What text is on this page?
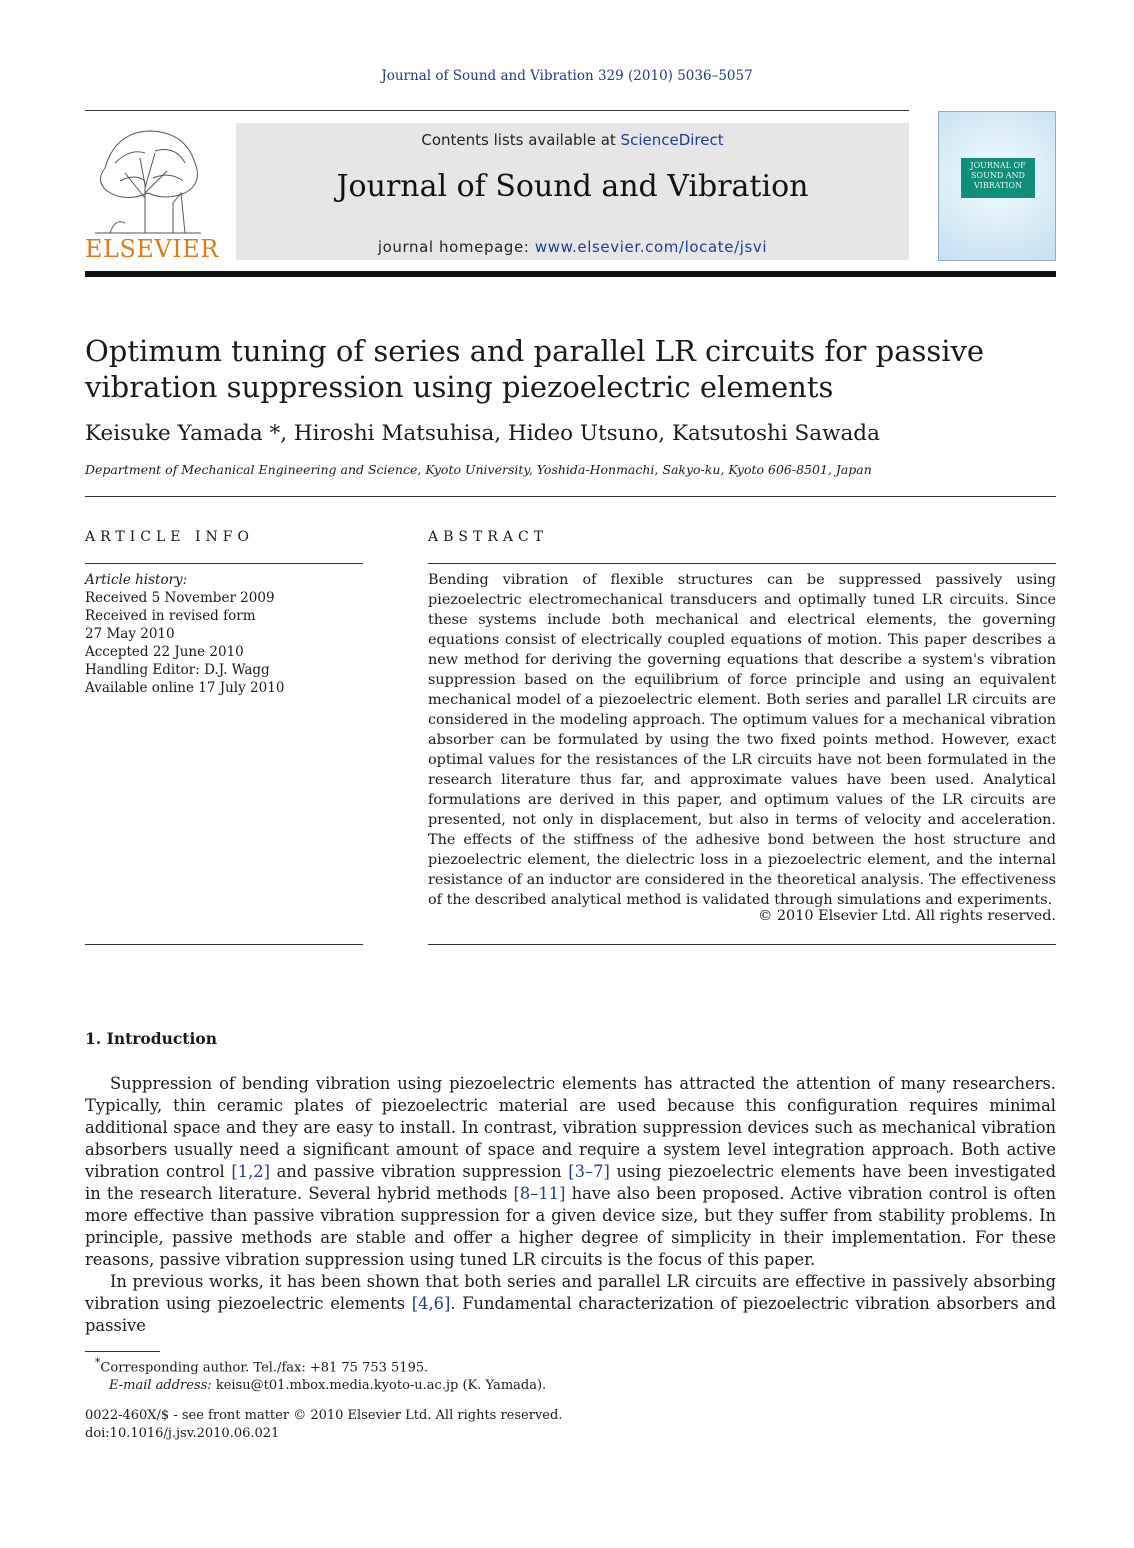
Journal of Sound and Vibration 329 (2010) 5036–5057
ELSEVIER
Contents lists available at ScienceDirect
Journal of Sound and Vibration
journal homepage: www.elsevier.com/locate/jsvi
JOURNAL OF SOUND AND VIBRATION
Optimum tuning of series and parallel LR circuits for passive vibration suppression using piezoelectric elements
Keisuke Yamada *, Hiroshi Matsuhisa, Hideo Utsuno, Katsutoshi Sawada
Department of Mechanical Engineering and Science, Kyoto University, Yoshida-Honmachi, Sakyo-ku, Kyoto 606-8501, Japan
ARTICLE INFO	ABSTRACT
Article history:
Received 5 November 2009
Received in revised form
27 May 2010
Accepted 22 June 2010
Handling Editor: D.J. Wagg
Available online 17 July 2010
Bending vibration of flexible structures can be suppressed passively using piezoelectric electromechanical transducers and optimally tuned LR circuits. Since these systems include both mechanical and electrical elements, the governing equations consist of electrically coupled equations of motion. This paper describes a new method for deriving the governing equations that describe a system's vibration suppression based on the equilibrium of force principle and using an equivalent mechanical model of a piezoelectric element. Both series and parallel LR circuits are considered in the modeling approach. The optimum values for a mechanical vibration absorber can be formulated by using the two fixed points method. However, exact optimal values for the resistances of the LR circuits have not been formulated in the research literature thus far, and approximate values have been used. Analytical formulations are derived in this paper, and optimum values of the LR circuits are presented, not only in displacement, but also in terms of velocity and acceleration. The effects of the stiffness of the adhesive bond between the host structure and piezoelectric element, the dielectric loss in a piezoelectric element, and the internal resistance of an inductor are considered in the theoretical analysis. The effectiveness of the described analytical method is validated through simulations and experiments.
© 2010 Elsevier Ltd. All rights reserved.
1. Introduction

Suppression of bending vibration using piezoelectric elements has attracted the attention of many researchers. Typically, thin ceramic plates of piezoelectric material are used because this configuration requires minimal additional space and they are easy to install. In contrast, vibration suppression devices such as mechanical vibration absorbers usually need a significant amount of space and require a system level integration approach. Both active vibration control [1,2] and passive vibration suppression [3–7] using piezoelectric elements have been investigated in the research literature. Several hybrid methods [8–11] have also been proposed. Active vibration control is often more effective than passive vibration suppression for a given device size, but they suffer from stability problems. In principle, passive methods are stable and offer a higher degree of simplicity in their implementation. For these reasons, passive vibration suppression using tuned LR circuits is the focus of this paper.

In previous works, it has been shown that both series and parallel LR circuits are effective in passively absorbing vibration using piezoelectric elements [4,6]. Fundamental characterization of piezoelectric vibration absorbers and passive

*Corresponding author. Tel./fax: +81 75 753 5195.
E-mail address: keisu@t01.mbox.media.kyoto-u.ac.jp (K. Yamada).
0022-460X/$ - see front matter © 2010 Elsevier Ltd. All rights reserved.
doi:10.1016/j.jsv.2010.06.021
